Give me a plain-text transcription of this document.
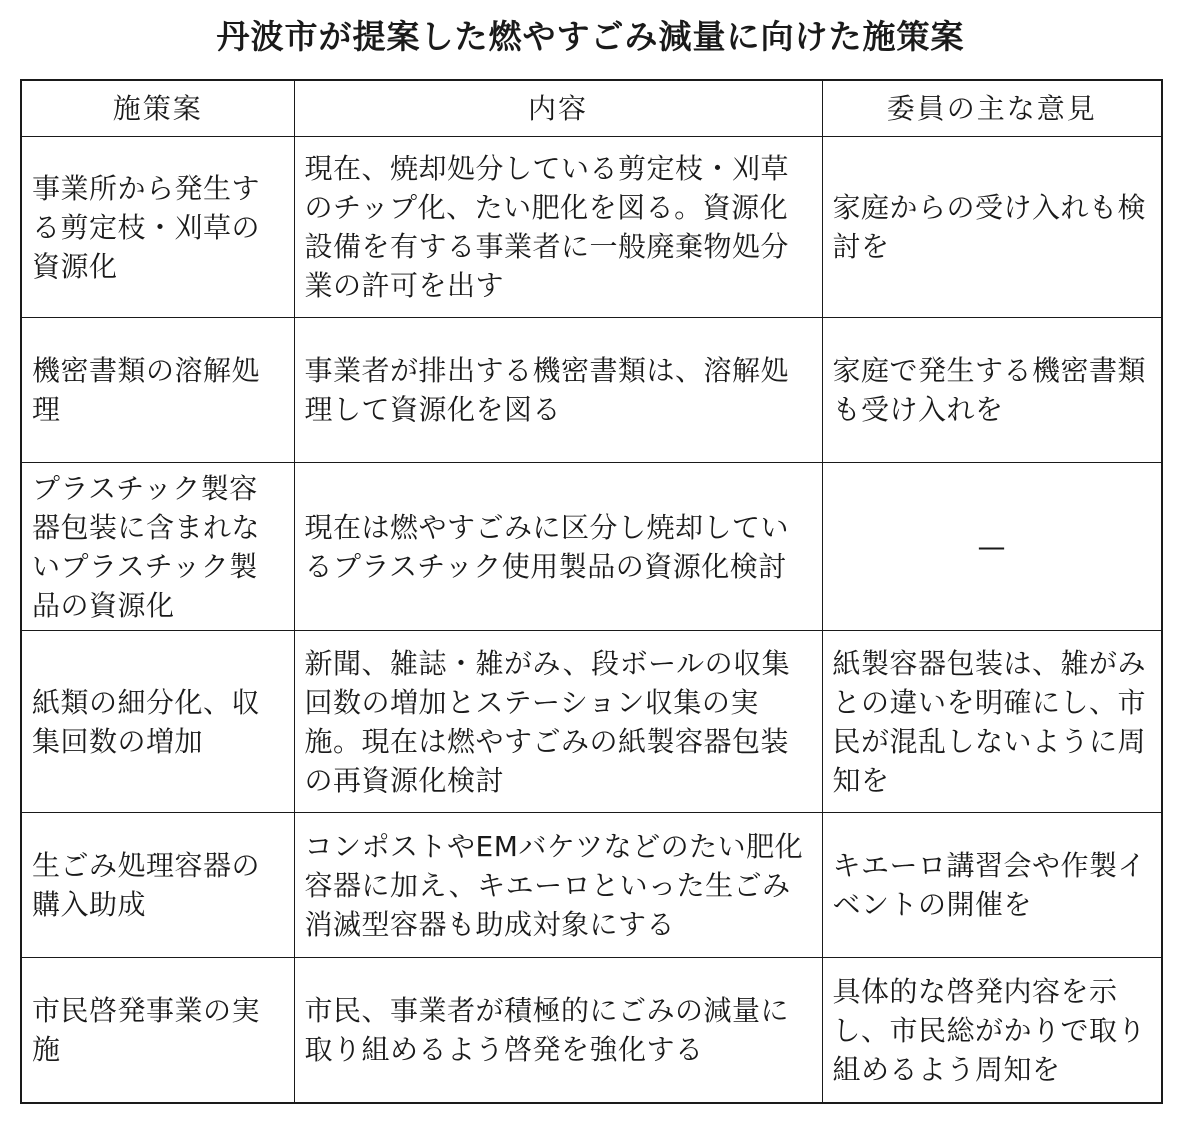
丹波市が提案した燃やすごみ減量に向けた施策案
施策案	内容	委員の主な意見
事業所から発生する剪定枝・刈草の資源化	現在、焼却処分している剪定枝・刈草のチップ化、たい肥化を図る。資源化設備を有する事業者に一般廃棄物処分業の許可を出す	家庭からの受け入れも検討を
機密書類の溶解処理	事業者が排出する機密書類は、溶解処理して資源化を図る	家庭で発生する機密書類も受け入れを
プラスチック製容器包装に含まれないプラスチック製品の資源化	現在は燃やすごみに区分し焼却しているプラスチック使用製品の資源化検討	—
紙類の細分化、収集回数の増加	新聞、雑誌・雑がみ、段ボールの収集回数の増加とステーション収集の実施。現在は燃やすごみの紙製容器包装の再資源化検討	紙製容器包装は、雑がみとの違いを明確にし、市民が混乱しないように周知を
生ごみ処理容器の購入助成	コンポストやEMバケツなどのたい肥化容器に加え、キエーロといった生ごみ消滅型容器も助成対象にする	キエーロ講習会や作製イベントの開催を
市民啓発事業の実施	市民、事業者が積極的にごみの減量に取り組めるよう啓発を強化する	具体的な啓発内容を示し、市民総がかりで取り組めるよう周知を
